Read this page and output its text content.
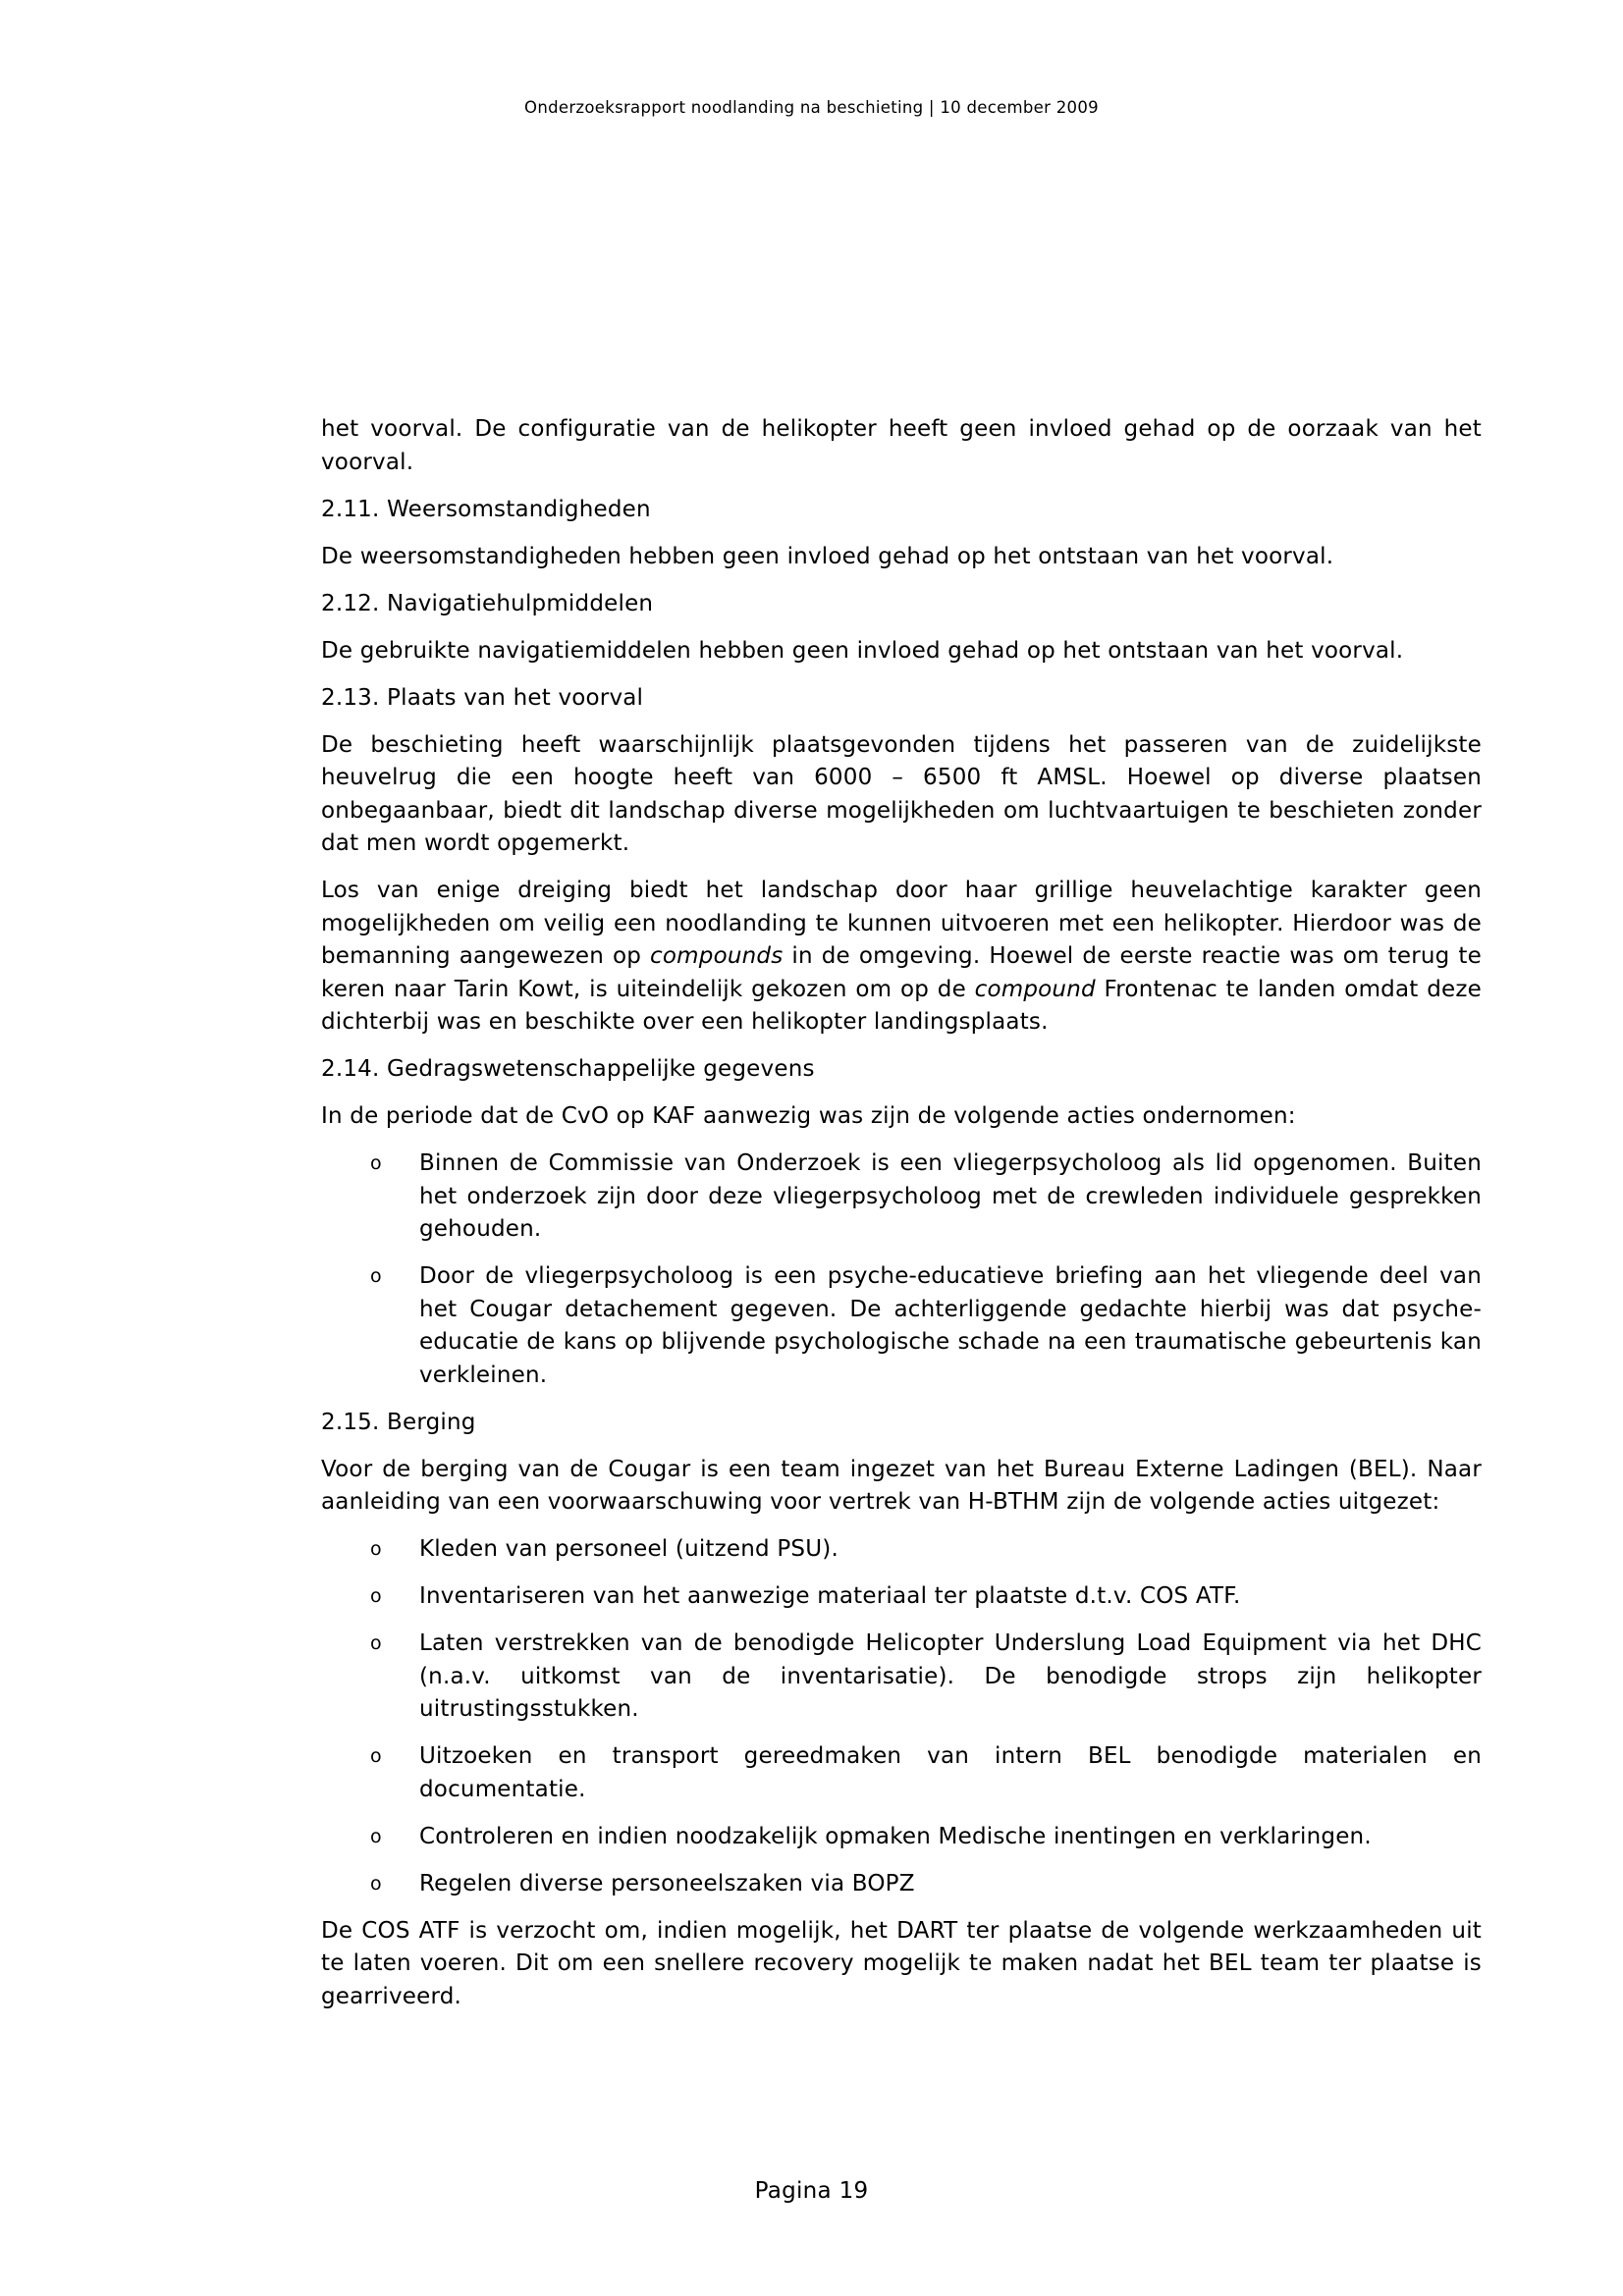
Onderzoeksrapport noodlanding na beschieting | 10 december 2009

het voorval. De configuratie van de helikopter heeft geen invloed gehad op de oorzaak van het voorval.

2.11. Weersomstandigheden

De weersomstandigheden hebben geen invloed gehad op het ontstaan van het voorval.

2.12. Navigatiehulpmiddelen

De gebruikte navigatiemiddelen hebben geen invloed gehad op het ontstaan van het voorval.

2.13. Plaats van het voorval

De beschieting heeft waarschijnlijk plaatsgevonden tijdens het passeren van de zuidelijkste heuvelrug die een hoogte heeft van 6000 – 6500 ft AMSL. Hoewel op diverse plaatsen onbegaanbaar, biedt dit landschap diverse mogelijkheden om luchtvaartuigen te beschieten zonder dat men wordt opgemerkt.

Los van enige dreiging biedt het landschap door haar grillige heuvelachtige karakter geen mogelijkheden om veilig een noodlanding te kunnen uitvoeren met een helikopter. Hierdoor was de bemanning aangewezen op compounds in de omgeving. Hoewel de eerste reactie was om terug te keren naar Tarin Kowt, is uiteindelijk gekozen om op de compound Frontenac te landen omdat deze dichterbij was en beschikte over een helikopter landingsplaats.

2.14. Gedragswetenschappelijke gegevens

In de periode dat de CvO op KAF aanwezig was zijn de volgende acties ondernomen:

o Binnen de Commissie van Onderzoek is een vliegerpsycholoog als lid opgenomen. Buiten het onderzoek zijn door deze vliegerpsycholoog met de crewleden individuele gesprekken gehouden.
o Door de vliegerpsycholoog is een psyche-educatieve briefing aan het vliegende deel van het Cougar detachement gegeven. De achterliggende gedachte hierbij was dat psyche-educatie de kans op blijvende psychologische schade na een traumatische gebeurtenis kan verkleinen.

2.15. Berging

Voor de berging van de Cougar is een team ingezet van het Bureau Externe Ladingen (BEL). Naar aanleiding van een voorwaarschuwing voor vertrek van H-BTHM zijn de volgende acties uitgezet:

o Kleden van personeel (uitzend PSU).
o Inventariseren van het aanwezige materiaal ter plaatste d.t.v. COS ATF.
o Laten verstrekken van de benodigde Helicopter Underslung Load Equipment via het DHC (n.a.v. uitkomst van de inventarisatie). De benodigde strops zijn helikopter uitrustingsstukken.
o Uitzoeken en transport gereedmaken van intern BEL benodigde materialen en documentatie.
o Controleren en indien noodzakelijk opmaken Medische inentingen en verklaringen.
o Regelen diverse personeelszaken via BOPZ

De COS ATF is verzocht om, indien mogelijk, het DART ter plaatse de volgende werkzaamheden uit te laten voeren. Dit om een snellere recovery mogelijk te maken nadat het BEL team ter plaatse is gearriveerd.

Pagina 19
